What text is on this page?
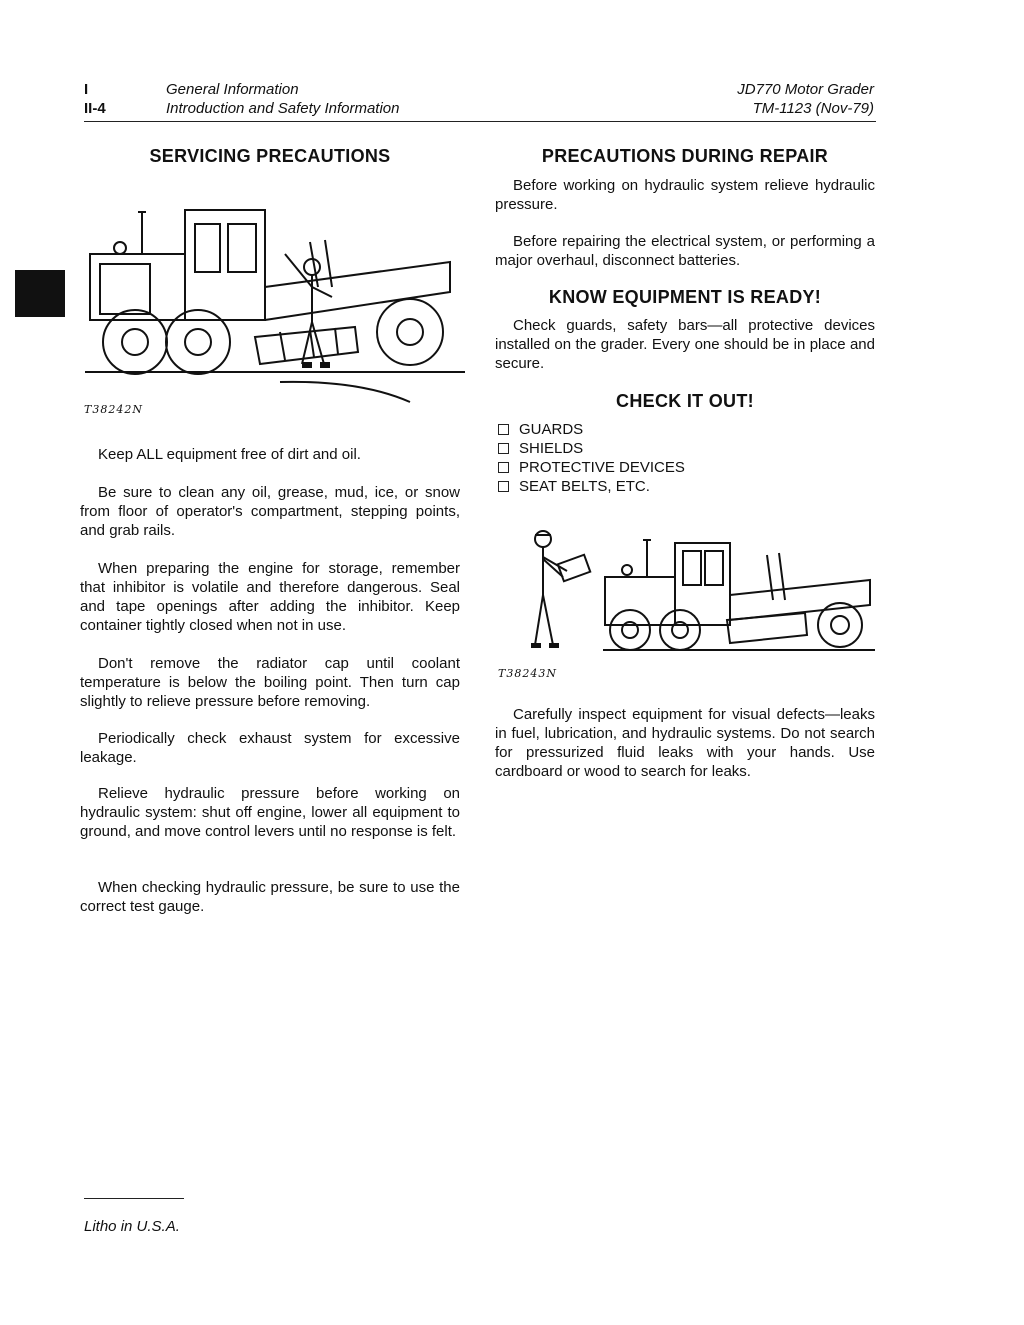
I
II-4
General Information
Introduction and Safety Information
JD770 Motor Grader
TM-1123 (Nov-79)
SERVICING PRECAUTIONS
T38242N
Keep ALL equipment free of dirt and oil.
Be sure to clean any oil, grease, mud, ice, or snow from floor of operator's compartment, stepping points, and grab rails.
When preparing the engine for storage, remember that inhibitor is volatile and therefore dangerous. Seal and tape openings after adding the inhibitor. Keep container tightly closed when not in use.
Don't remove the radiator cap until coolant temperature is below the boiling point. Then turn cap slightly to relieve pressure before removing.
Periodically check exhaust system for excessive leakage.
Relieve hydraulic pressure before working on hydraulic system: shut off engine, lower all equipment to ground, and move control levers until no response is felt.
When checking hydraulic pressure, be sure to use the correct test gauge.
PRECAUTIONS DURING REPAIR
Before working on hydraulic system relieve hydraulic pressure.
Before repairing the electrical system, or performing a major overhaul, disconnect batteries.
KNOW EQUIPMENT IS READY!
Check guards, safety bars—all protective devices installed on the grader. Every one should be in place and secure.
CHECK IT OUT!
GUARDS
SHIELDS
PROTECTIVE DEVICES
SEAT BELTS, ETC.
T38243N
Carefully inspect equipment for visual defects—leaks in fuel, lubrication, and hydraulic systems. Do not search for pressurized fluid leaks with your hands. Use cardboard or wood to search for leaks.
Litho in U.S.A.
